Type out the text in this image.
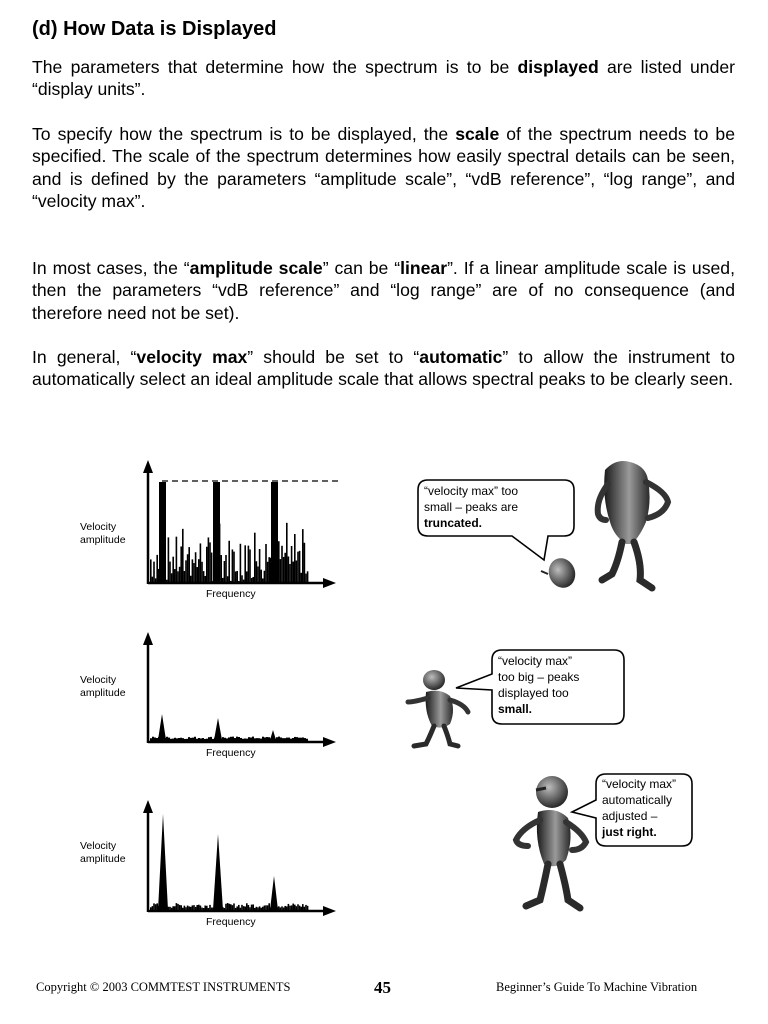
(d) How Data is Displayed

The parameters that determine how the spectrum is to be displayed are listed under “display units”.

To specify how the spectrum is to be displayed, the scale of the spectrum needs to be specified. The scale of the spectrum determines how easily spectral details can be seen, and is defined by the parameters “amplitude scale”, “vdB reference”, “log range”, and “velocity max”.

In most cases, the “amplitude scale” can be “linear”. If a linear amplitude scale is used, then the parameters “vdB reference” and “log range” are of no consequence (and therefore need not be set).

In general, “velocity max” should be set to “automatic” to allow the instrument to automatically select an ideal amplitude scale that allows spectral peaks to be clearly seen.

Velocity
amplitude
Frequency
“velocity max” too
small – peaks are
truncated.
Velocity
amplitude
Frequency
“velocity max”
too big – peaks
displayed too
small.
Velocity
amplitude
Frequency
“velocity max”
automatically
adjusted –
just right.
Copyright © 2003 COMMTEST INSTRUMENTS	45	Beginner’s Guide To Machine Vibration
